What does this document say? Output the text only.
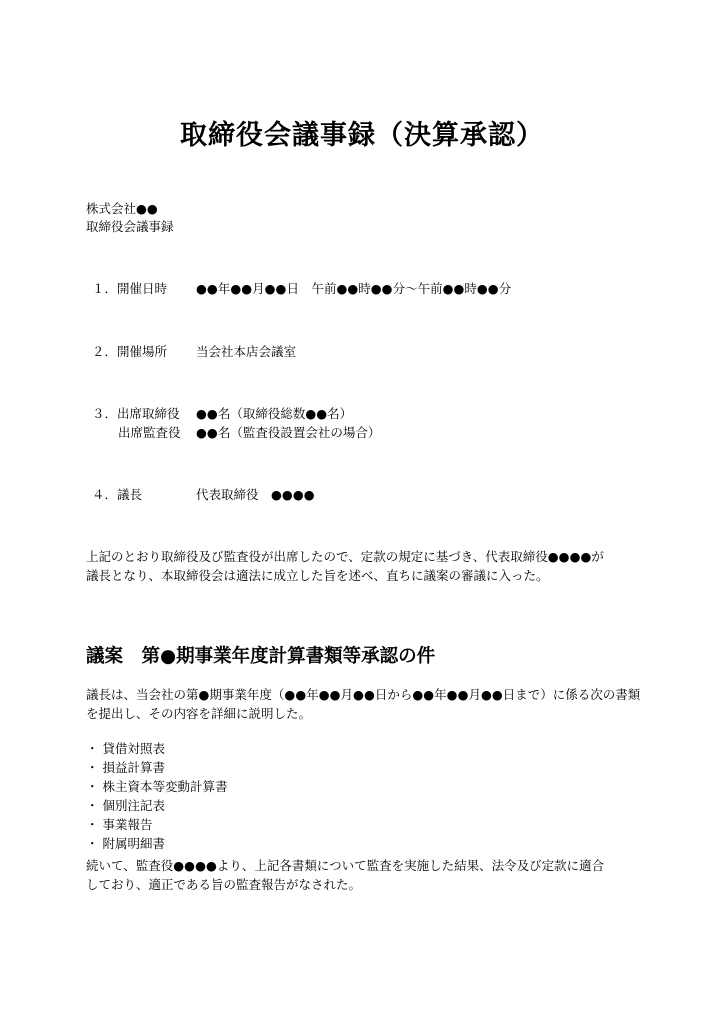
取締役会議事録（決算承認）
株式会社●●
取締役会議事録
１．開催日時 ●●年●●月●●日　午前●●時●●分～午前●●時●●分
２．開催場所 当会社本店会議室
３．出席取締役 ●●名（取締役総数●●名）
出席監査役 ●●名（監査役設置会社の場合）
４．議長	代表取締役　●●●●
上記のとおり取締役及び監査役が出席したので、定款の規定に基づき、代表取締役●●●●が
議長となり、本取締役会は適法に成立した旨を述べ、直ちに議案の審議に入った。
議案　第●期事業年度計算書類等承認の件
議長は、当会社の第●期事業年度（●●年●●月●●日から●●年●●月●●日まで）に係る次の書類
を提出し、その内容を詳細に説明した。
・ 貸借対照表
・ 損益計算書
・ 株主資本等変動計算書
・ 個別注記表
・ 事業報告
・ 附属明細書
続いて、監査役●●●●より、上記各書類について監査を実施した結果、法令及び定款に適合
しており、適正である旨の監査報告がなされた。
